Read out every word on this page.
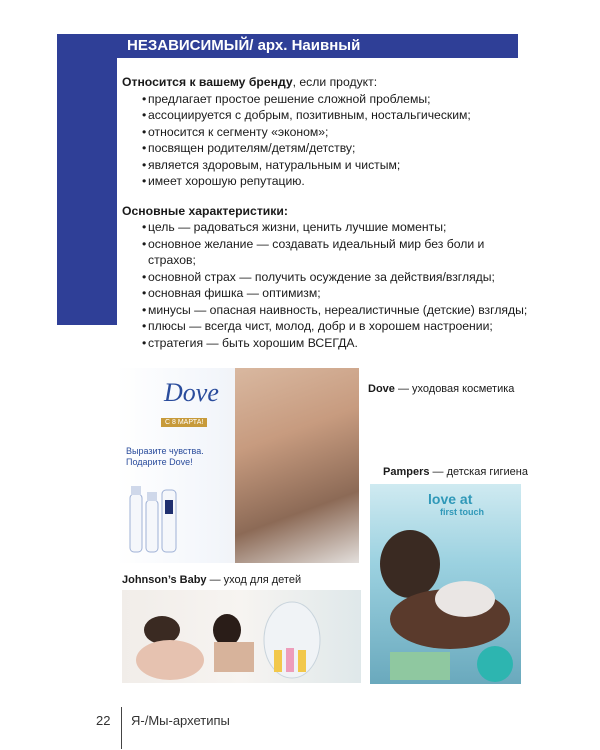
НЕЗАВИСИМЫЙ/ арх. Наивный

Относится к вашему бренду, если продукт:

• предлагает простое решение сложной проблемы;
• ассоциируется с добрым, позитивным, ностальгическим;
• относится к сегменту «эконом»;
• посвящен родителям/детям/детству;
• является здоровым, натуральным и чистым;
• имеет хорошую репутацию.

Основные характеристики:

• цель — радоваться жизни, ценить лучшие моменты;
• основное желание — создавать идеальный мир без боли и страхов;
• основной страх — получить осуждение за действия/взгляды;
• основная фишка — оптимизм;
• минусы — опасная наивность, нереалистичные (детские) взгляды;
• плюсы — всегда чист, молод, добр и в хорошем настроении;
• стратегия — быть хорошим ВСЕГДА.
Dove
С 8 МАРТА!
Выразите чувства.
Подарите Dove!
Dove — уходовая косметика
Pampers — детская гигиена
love at
first touch
Johnson’s Baby — уход для детей
22 Я-/Мы-архетипы
